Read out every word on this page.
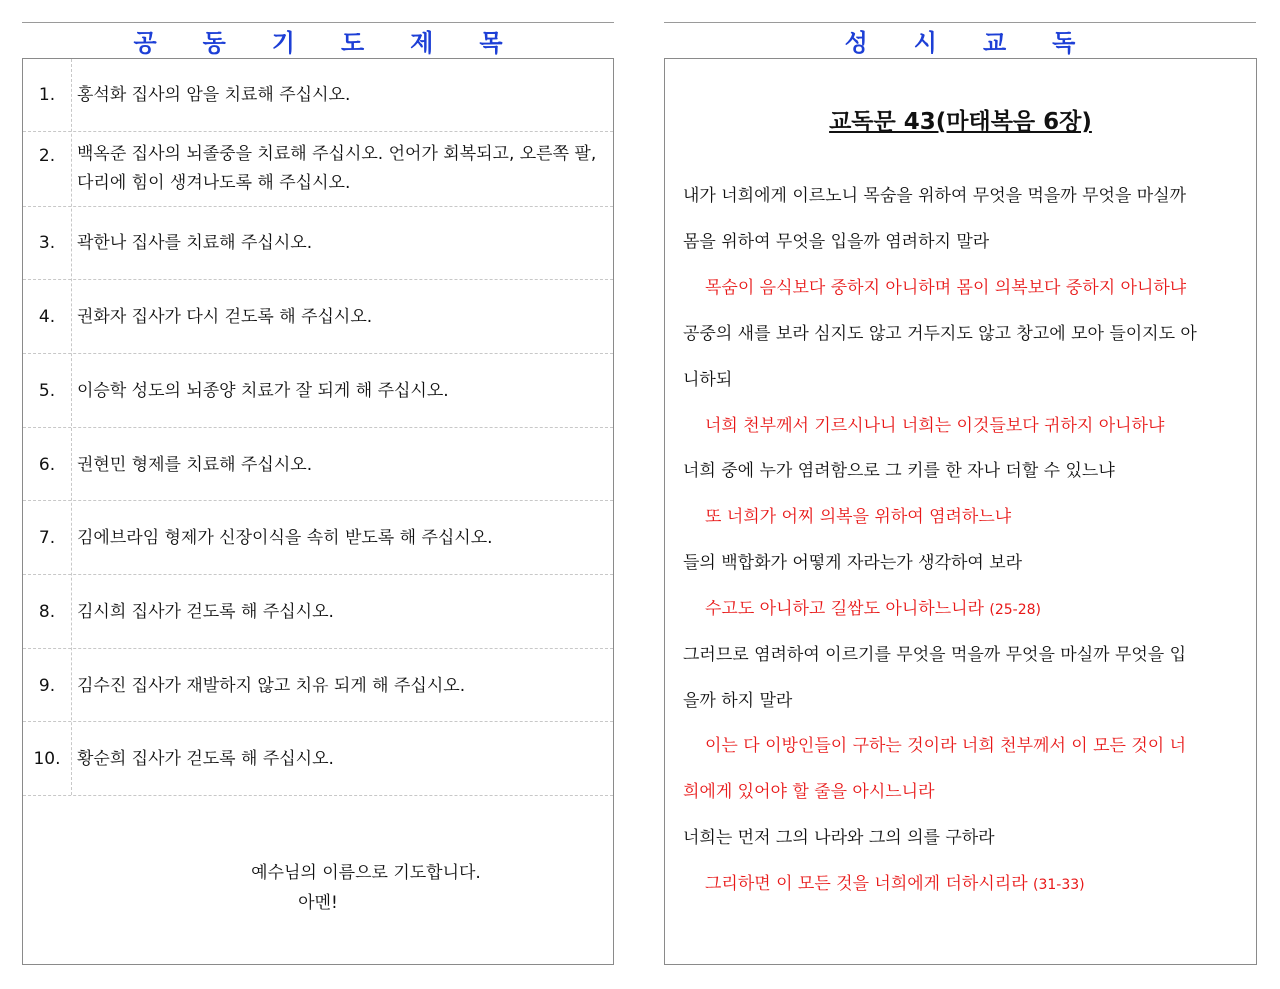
공동기도제목	성시교독
1.	홍석화 집사의 암을 치료해 주십시오.
2.	백옥준 집사의 뇌졸중을 치료해 주십시오. 언어가 회복되고, 오른쪽 팔, 다리에 힘이 생겨나도록 해 주십시오.
3.	곽한나 집사를 치료해 주십시오.
4.	권화자 집사가 다시 걷도록 해 주십시오.
5.	이승학 성도의 뇌종양 치료가 잘 되게 해 주십시오.
6.	권현민 형제를 치료해 주십시오.
7.	김에브라임 형제가 신장이식을 속히 받도록 해 주십시오.
8.	김시희 집사가 걷도록 해 주십시오.
9.	김수진 집사가 재발하지 않고 치유 되게 해 주십시오.
10. 황순희 집사가 걷도록 해 주십시오.
예수님의 이름으로 기도합니다.
아멘!
교독문 43(마태복음 6장)
내가 너희에게 이르노니 목숨을 위하여 무엇을 먹을까 무엇을 마실까
몸을 위하여 무엇을 입을까 염려하지 말라
목숨이 음식보다 중하지 아니하며 몸이 의복보다 중하지 아니하냐
공중의 새를 보라 심지도 않고 거두지도 않고 창고에 모아 들이지도 아
니하되
너희 천부께서 기르시나니 너희는 이것들보다 귀하지 아니하냐
너희 중에 누가 염려함으로 그 키를 한 자나 더할 수 있느냐
또 너희가 어찌 의복을 위하여 염려하느냐
들의 백합화가 어떻게 자라는가 생각하여 보라
수고도 아니하고 길쌈도 아니하느니라 (25-28)
그러므로 염려하여 이르기를 무엇을 먹을까 무엇을 마실까 무엇을 입
을까 하지 말라
이는 다 이방인들이 구하는 것이라 너희 천부께서 이 모든 것이 너
희에게 있어야 할 줄을 아시느니라
너희는 먼저 그의 나라와 그의 의를 구하라
그리하면 이 모든 것을 너희에게 더하시리라 (31-33)
